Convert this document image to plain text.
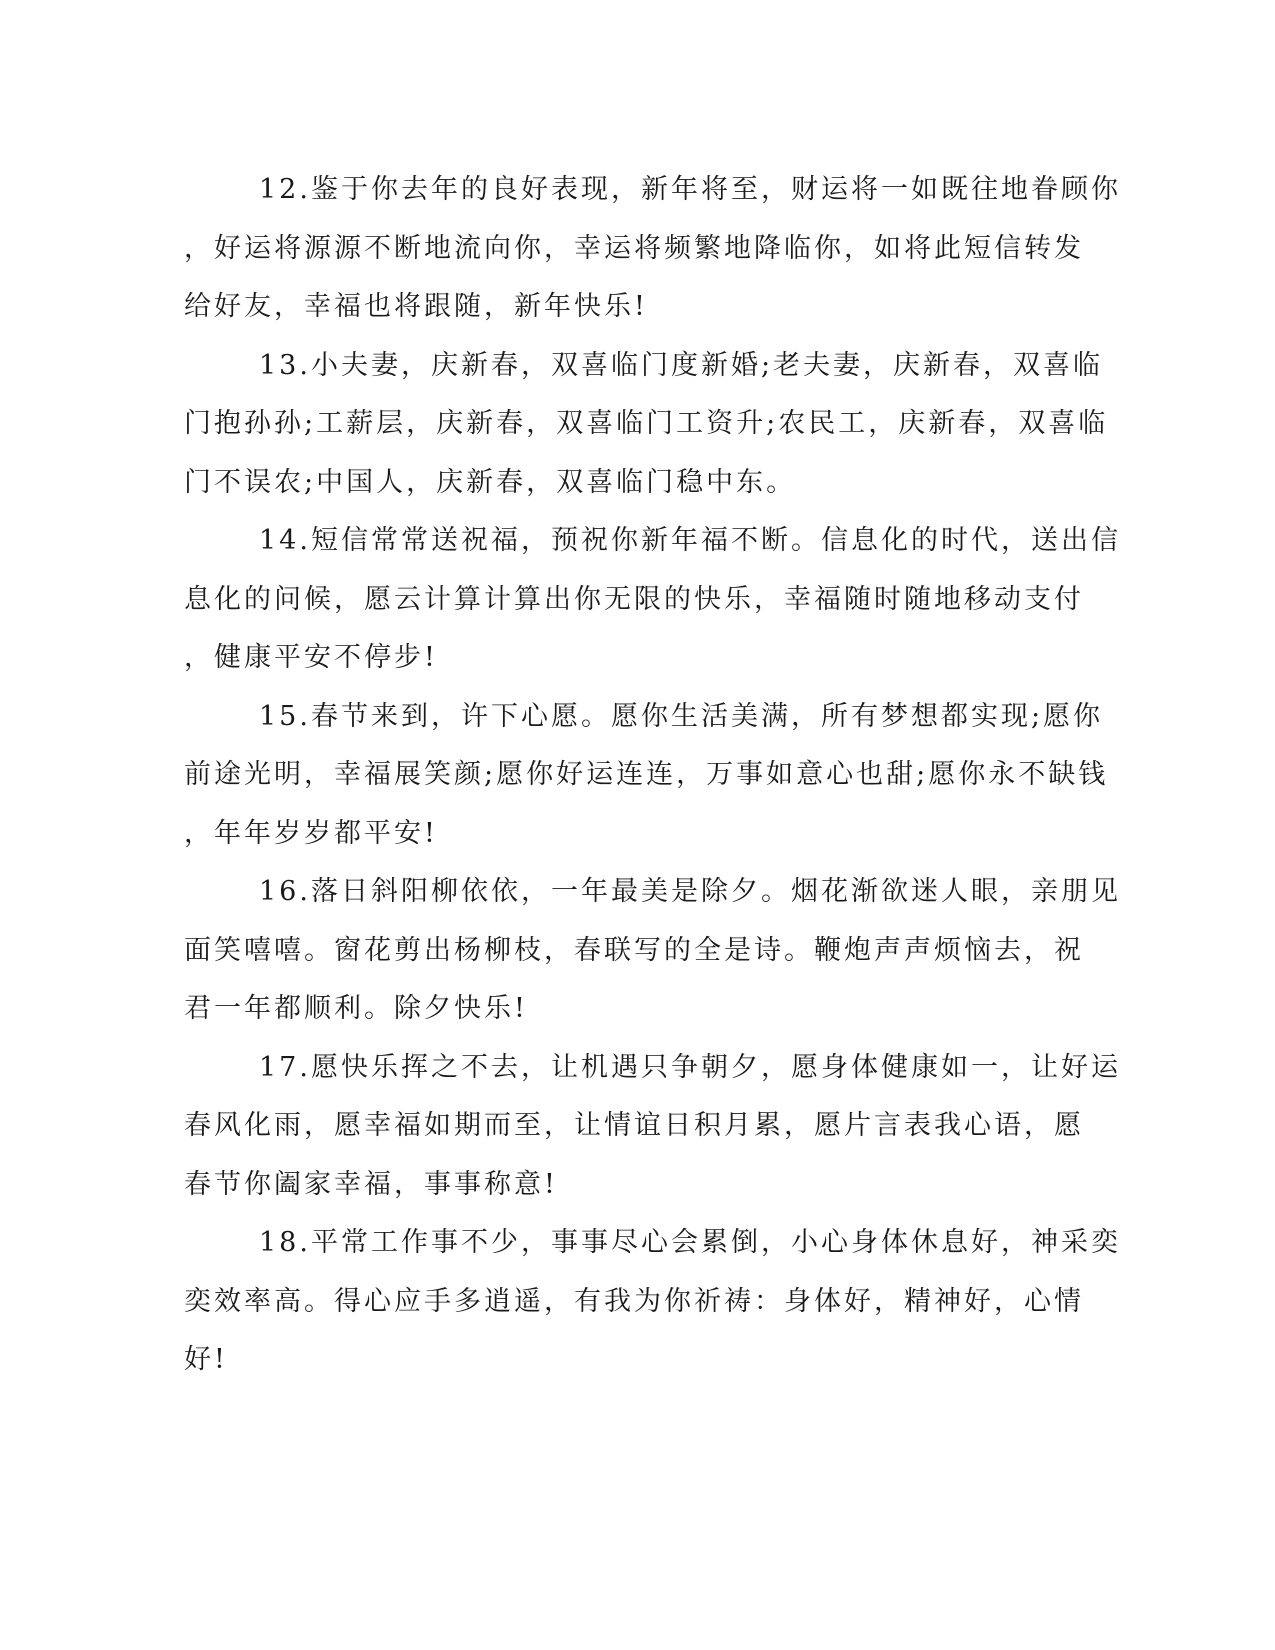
12.鉴于你去年的良好表现，新年将至，财运将一如既往地眷顾你
，好运将源源不断地流向你，幸运将频繁地降临你，如将此短信转发
给好友，幸福也将跟随，新年快乐!

13.小夫妻，庆新春，双喜临门度新婚;老夫妻，庆新春，双喜临
门抱孙孙;工薪层，庆新春，双喜临门工资升;农民工，庆新春，双喜临
门不误农;中国人，庆新春，双喜临门稳中东。

14.短信常常送祝福，预祝你新年福不断。信息化的时代，送出信
息化的问候，愿云计算计算出你无限的快乐，幸福随时随地移动支付
，健康平安不停步!

15.春节来到，许下心愿。愿你生活美满，所有梦想都实现;愿你
前途光明，幸福展笑颜;愿你好运连连，万事如意心也甜;愿你永不缺钱
，年年岁岁都平安!

16.落日斜阳柳依依，一年最美是除夕。烟花渐欲迷人眼，亲朋见
面笑嘻嘻。窗花剪出杨柳枝，春联写的全是诗。鞭炮声声烦恼去，祝
君一年都顺利。除夕快乐!

17.愿快乐挥之不去，让机遇只争朝夕，愿身体健康如一，让好运
春风化雨，愿幸福如期而至，让情谊日积月累，愿片言表我心语，愿
春节你阖家幸福，事事称意!

18.平常工作事不少，事事尽心会累倒，小心身体休息好，神采奕
奕效率高。得心应手多逍遥，有我为你祈祷：身体好，精神好，心情
好!
